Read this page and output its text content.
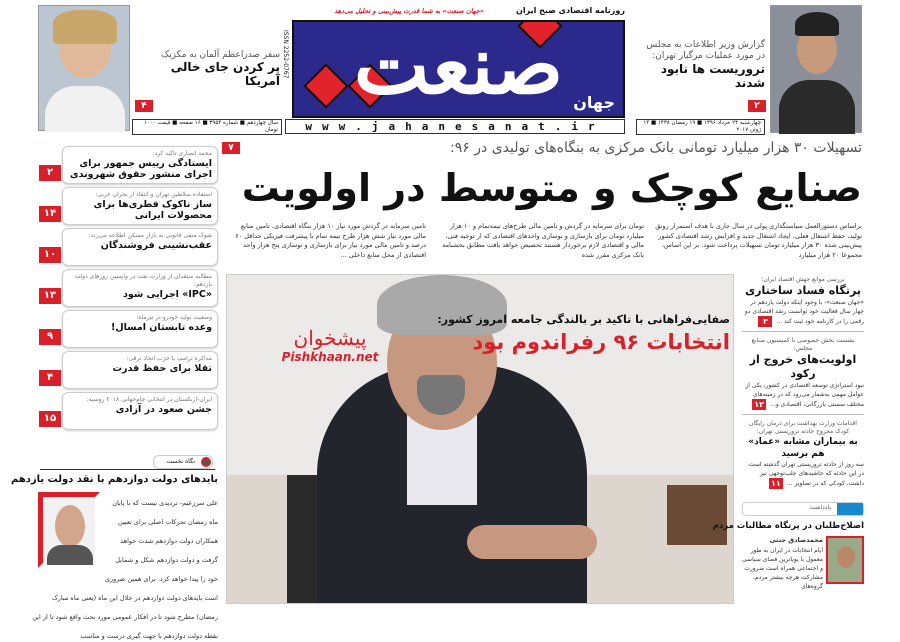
۴
سفر صدراعظم آلمان به مکزیک
پر کردن جای خالی آمریکا
۲
گزارش وزیر اطلاعات به مجلس در مورد عملیات مرگبار تهران:
تروریست ها نابود شدند
روزنامه اقتصادی صبح ایران
«جهان صنعت» به شما قدرت پیش‌بینی و تحلیل می‌دهد
صنعت جهان
ISSN 2252-0767
www.jahanesanat.ir	چهارشنبه ۲۴ خرداد ۱۳۹۶ ■ ۱۹ رمضان ۱۴۳۸ ■ ۱۴ ژوئن ۲۰۱۷
سال چهاردهم ■ شماره ۳۹۵۴ ■ ۱۶ صفحه ■ قیمت ۱۰۰۰ تومان
۷	تسهیلات ۳۰ هزار میلیارد تومانی بانک مرکزی به بنگاه‌های تولیدی در ۹۶:
صنایع کوچک و متوسط در اولویت
براساس دستورالعمل سیاستگذاری پولی در سال جاری با هدف استمرار رونق تولید، حفظ اشتغال فعلی، ایجاد اشتغال جدید و افزایش رشد اقتصادی کشور پیش‌بینی شده ۳۰ هزار میلیارد تومان تسهیلات پرداخت شود. بر این اساس، مجموعا ۲۰ هزار میلیارد
تومان برای سرمایه در گردش و تامین مالی طرح‌های نیمه‌تمام و ۱۰ هزار میلیارد تومان برای بازسازی و نوسازی واحدهای اقتصادی که از توجیه فنی، مالی و اقتصادی لازم برخوردار هستند تخصیص خواهد یافت مطابق بخشنامه بانک مرکزی مقرر شده
تامین سرمایه در گردش مورد نیاز ۱۰ هزار بنگاه اقتصادی، تامین منابع مالی مورد نیاز شش هزار طرح نیمه تمام با پیشرفت فیزیکی حداقل ۶۰ درصد و تامین مالی مورد نیاز برای بازسازی و نوسازی پنج هزار واحد اقتصادی از محل منابع داخلی ...
محمد انصاری تاکید کرد:
ایستادگی رییس جمهور برای اجرای منشور حقوق شهروندی
۲
استفاده سلاطین تهران و انتقاد از بحران عربی:
ساز ناکوک قطری‌ها برای محصولات ایرانی
۱۴
شوک منفی قانونی به بازار مسکن اطلاعه می‌زند:
عقب‌نشینی فروشندگان
۱۰
مطالبه منتقدان از وزارت نفت در واپسین روزهای دولت یازدهم:
«IPC» اجرایی شود
۱۳
وضعیت تولید خودرو در تیرماه:
وعده تابستان امسال!
۹
مذاکره ترامپ با حزب اتحاد ترقی:
تقلا برای حفظ قدرت
۴
ایران-ازبکستان در انتخابی جام‌جهانی ۲۰۱۸ روسیه:
جشن صعود در آزادی
۱۵
صفایی‌فراهانی با تاکید بر بالندگی جامعه امروز کشور:
انتخابات ۹۶ رفراندوم بود
پیشخوان
Pishkhaan.net
بررسی موانع جهش اقتصاد ایران:
پرتگاه فساد ساختاری
«جهان صنعت»- با وجود اینکه دولت یازدهم در چهار سال فعالیت خود توانست رشد اقتصادی دو رقمی را در کارنامه خود ثبت کند ...۳
نشست بخش خصوصی با کمیسیون صنایع مجلس:
اولویت‌های خروج از رکود
نبود استراتژی توسعه اقتصادی در کشور، یکی از عوامل مهمی به‌شمار می‌رود که در زمینه‌های مختلف سستی بازرگانی، اقتصادی و...۱۲
اقدامات وزارت بهداشت برای درمان رایگان کودک مجروح حادثه تروریستی تهران:
به بیماران مشابه «عماد» هم برسید
سه روز از حادثه تروریستی تهران گذشته است. در این حادثه که حاشیه‌های جلب‌توجهی نیز داشت، کودکی که در تصاویر ...۱۱
یادداشت
اصلاح‌طلبان در پرتگاه مطالبات مردم
محمدصادق جنتی
ایام انتخابات در ایران به طور معمول با پویاترین فضای سیاسی و اجتماعی همراه است ضرورت مشارکت هرچه بیشتر مردم، گروه‌های
نگاه نخست
بایدهای دولت دوازدهم با نقد دولت یازدهم
علی سرزعیم- تردیدی نیست که با پایان ماه رمضان تحرکات اصلی برای تعیین همکاران دولت دوازدهم شدت خواهد گرفت و دولت دوازدهم شکل و شمایل خود را پیدا خواهد کرد. برای همین ضروری است بایدهای دولت دوازدهم در خلال این ماه (یعنی ماه مبارک رمضان) مطرح شود تا در افکار عمومی مورد بحث واقع شود تا از این نقطه دولت دوازدهم با جهت گیری درست و مناسب
